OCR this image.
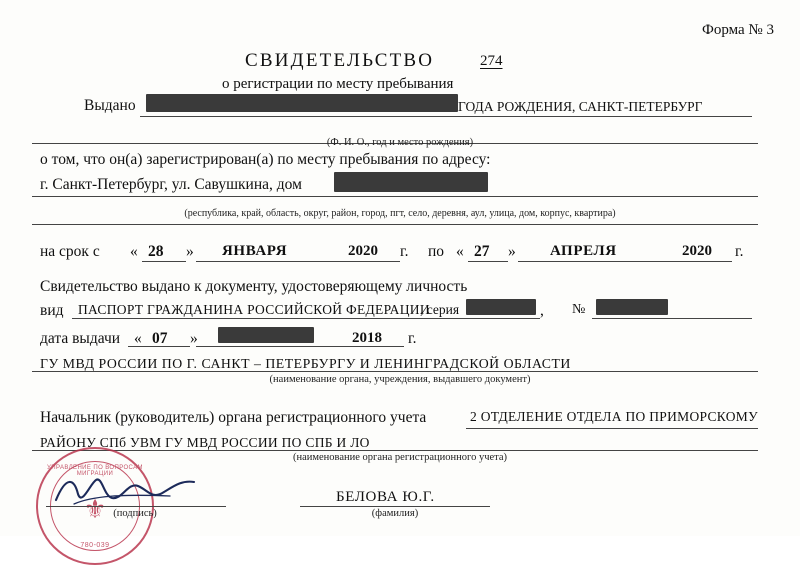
Форма № 3
СВИДЕТЕЛЬСТВО	274
о регистрации по месту пребывания
Выдано	ГОДА РОЖДЕНИЯ, САНКТ-ПЕТЕРБУРГ
(Ф. И. О., год и место рождения)
о том, что он(а) зарегистрирован(а) по месту пребывания по адресу:
г. Санкт-Петербург, ул. Савушкина, дом
(республика, край, область, округ, район, город, пгт, село, деревня, аул, улица, дом, корпус, квартира)
на срок с « 28 » ЯНВАРЯ	2020 г. по « 27 » АПРЕЛЯ	2020 г.
Свидетельство выдано к документу, удостоверяющему личность
вид ПАСПОРТ ГРАЖДАНИНА РОССИЙСКОЙ ФЕДЕРАЦИИ
, серия	, №
дата выдачи « 07 »	2018 г.
ГУ МВД РОССИИ ПО Г. САНКТ – ПЕТЕРБУРГУ И ЛЕНИНГРАДСКОЙ ОБЛАСТИ
(наименование органа, учреждения, выдавшего документ)
Начальник (руководитель) органа регистрационного учета	2 ОТДЕЛЕНИЕ ОТДЕЛА ПО ПРИМОРСКОМУ
РАЙОНУ СПб УВМ ГУ МВД РОССИИ ПО СПБ И ЛО
(наименование органа регистрационного учета)
УПРАВЛЕНИЕ ПО ВОПРОСАМ МИГРАЦИИ
⚜
780-039
(подпись)
БЕЛОВА Ю.Г.
(фамилия)
